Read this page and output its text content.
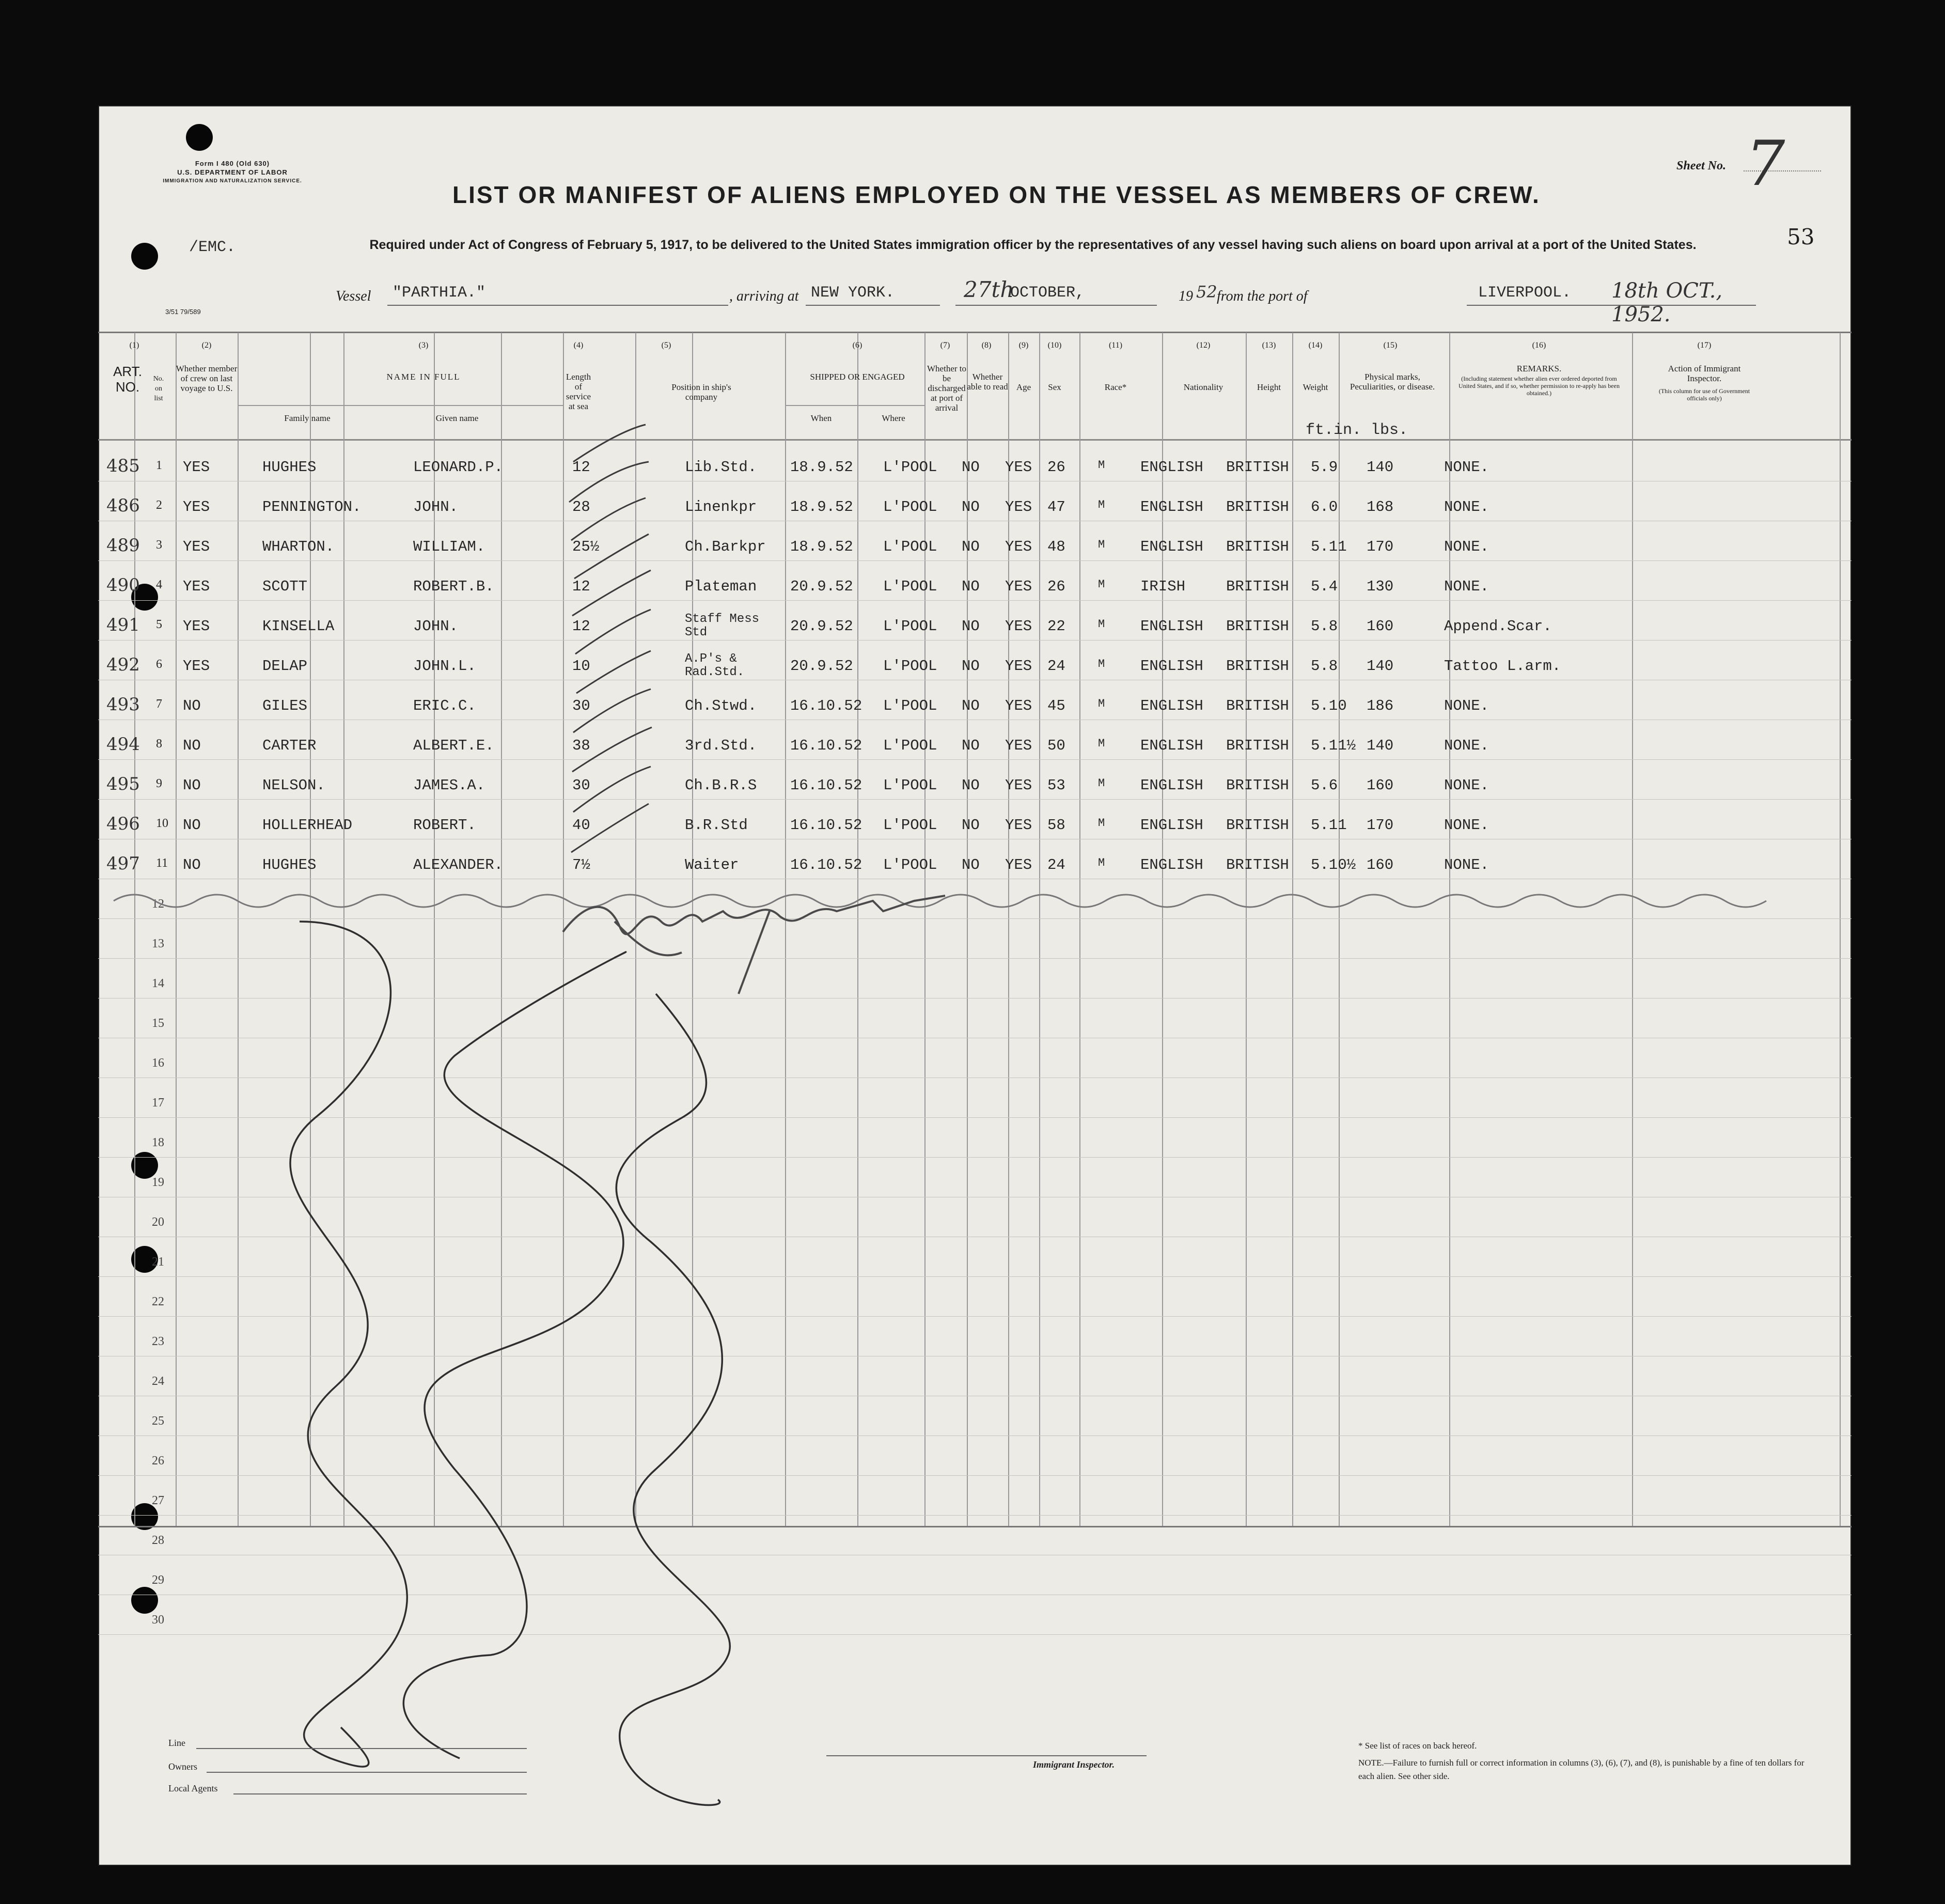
Form I 480 (Old 630)
U.S. DEPARTMENT OF LABOR
IMMIGRATION AND NATURALIZATION SERVICE.
/EMC.
3/51 79/589
Sheet No. 7
53
LIST OR MANIFEST OF ALIENS EMPLOYED ON THE VESSEL AS MEMBERS OF CREW.
Required under Act of Congress of February 5, 1917, to be delivered to the United States immigration officer by the representatives of any vessel having such aliens on board upon arrival at a port of the United States.
Vessel "PARTHIA."	, arriving at NEW YORK.	27th
OCTOBER,	19 52 from the port of	LIVERPOOL. 18th OCT., 1952.
(1)
ART. NO.
No. on list
(2)
Whether member of crew on last voyage to U.S.
(3)
NAME IN FULL
Family name	Given name
(4)
Length of service at sea
(5)
Position in ship's company
(6)
SHIPPED OR ENGAGED
When	Where
(7)
Whether to be discharged at port of arrival
(8)
Whether able to read
(9)
Age
(10)
Sex
(11)
Race*
(12)
Nationality
(13)
Height
(14)
Weight
(15)
Physical marks, Peculiarities, or disease.
(16)
REMARKS.
(Including statement whether alien ever ordered deported from United States, and if so, whether permission to re-apply has been obtained.)
(17)
Action of Immigrant Inspector.
(This column for use of Government officials only)
ft.in. lbs.
485 1 YES	HUGHES	LEONARD.P.	12	Lib.Std. 18.9.52 L'POOL NO YES 26	M ENGLISH BRITISH 5.9 140	NONE.
486 2 YES	PENNINGTON.	JOHN.	28	Linenkpr 18.9.52 L'POOL NO YES 47	M ENGLISH BRITISH 6.0 168	NONE.
489 3 YES	WHARTON.	WILLIAM.	25½	Ch.Barkpr 18.9.52 L'POOL NO YES 48	M ENGLISH BRITISH 5.11 170	NONE.
490 4 YES	SCOTT	ROBERT.B.	12	Plateman 20.9.52 L'POOL NO YES 26	M IRISH	BRITISH 5.4 130	NONE.
491 5 YES	KINSELLA	JOHN.	12	Staff Mess Std	20.9.52 L'POOL NO YES 22	M ENGLISH BRITISH 5.8 160	Append.Scar.
492 6 YES	DELAP	JOHN.L.	10	A.P's & Rad.Std.	20.9.52 L'POOL NO YES 24	M ENGLISH BRITISH 5.8 140	Tattoo L.arm.
493 7 NO	GILES	ERIC.C.	30	Ch.Stwd. 16.10.52 L'POOL NO YES 45	M ENGLISH BRITISH 5.10 186	NONE.
494 8 NO	CARTER	ALBERT.E.	38	3rd.Std. 16.10.52 L'POOL NO YES 50	M ENGLISH BRITISH 5.11½ 140	NONE.
495 9 NO	NELSON.	JAMES.A.	30	Ch.B.R.S 16.10.52 L'POOL NO YES 53	M ENGLISH BRITISH 5.6 160	NONE.
496 10 NO	HOLLERHEAD	ROBERT.	40	B.R.Std	16.10.52 L'POOL NO YES 58	M ENGLISH BRITISH 5.11 170	NONE.
497 11 NO	HUGHES	ALEXANDER.	7½	Waiter	16.10.52 L'POOL NO YES 24	M ENGLISH BRITISH 5.10½ 160	NONE.
12
13
14
15
16
17
18
19
20
21
22
23
24
25
26
27
28
29
30
Line
Owners
Local Agents
Immigrant Inspector.
* See list of races on back hereof.
NOTE.—Failure to furnish full or correct information in columns (3), (6), (7), and (8), is punishable by a fine of ten dollars for each alien. See other side.
